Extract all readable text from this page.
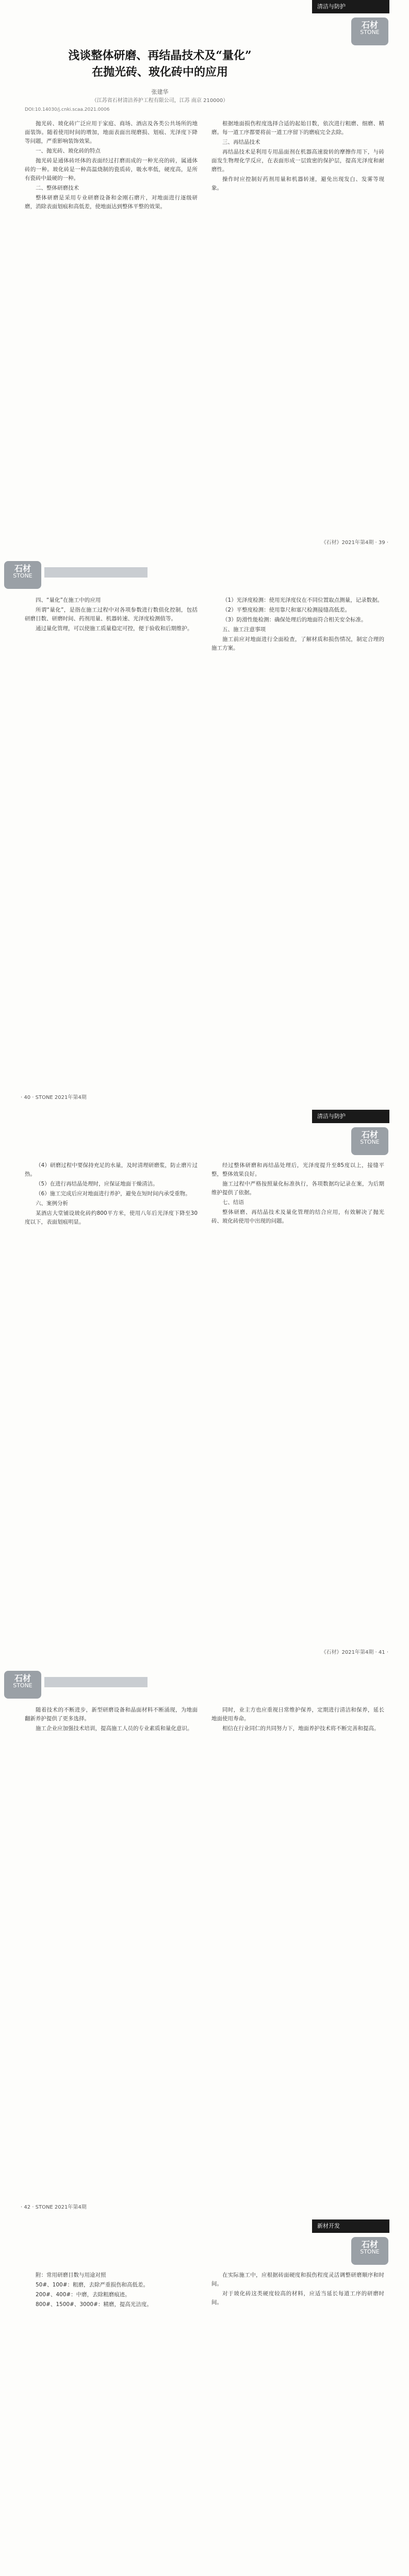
清洁与防护
石材
STONE
浅谈整体研磨、再结晶技术及“量化”
在抛光砖、玻化砖中的应用
张建华
（江苏省石材清洁养护工程有限公司，江苏 南京 210000）
DOI:10.14030/j.cnki.scaa.2021.0006

抛光砖、玻化砖广泛应用于家庭、商场、酒店及各类公共场所的地面装饰。随着使用时间的增加，地面表面出现磨损、划痕、光泽度下降等问题，严重影响装饰效果。

一、抛光砖、玻化砖的特点

抛光砖是通体砖坯体的表面经过打磨而成的一种光亮的砖，属通体砖的一种。玻化砖是一种高温烧制的瓷质砖，吸水率低，硬度高，是所有瓷砖中最硬的一种。

二、整体研磨技术

整体研磨是采用专业研磨设备和金刚石磨片，对地面进行逐级研磨，消除表面划痕和高低差，使地面达到整体平整的效果。

根据地面损伤程度选择合适的起始目数，依次进行粗磨、细磨、精磨。每一道工序都要将前一道工序留下的磨痕完全去除。

三、再结晶技术

再结晶技术是利用专用晶面剂在机器高速旋转的摩擦作用下，与砖面发生物理化学反应，在表面形成一层致密的保护层，提高光泽度和耐磨性。

操作时应控制好药剂用量和机器转速，避免出现发白、发雾等现象。

《石材》2021年第4期 · 39 ·
石材
STONE

四、“量化”在施工中的应用

所谓“量化”，是指在施工过程中对各项参数进行数值化控制，包括研磨目数、研磨时间、药剂用量、机器转速、光泽度检测值等。

通过量化管理，可以使施工质量稳定可控，便于验收和后期维护。

（1）光泽度检测：使用光泽度仪在不同位置取点测量，记录数据。

（2）平整度检测：使用靠尺和塞尺检测接缝高低差。

（3）防滑性能检测：确保处理后的地面符合相关安全标准。

五、施工注意事项

施工前应对地面进行全面检查，了解材质和损伤情况，制定合理的施工方案。

· 40 · STONE 2021年第4期
清洁与防护
石材
STONE

（4）研磨过程中要保持充足的水量，及时清理研磨浆，防止磨片过热。

（5）在进行再结晶处理时，应保证地面干燥清洁。

（6）施工完成后应对地面进行养护，避免在短时间内承受重物。

六、案例分析

某酒店大堂铺设玻化砖约800平方米，使用八年后光泽度下降至30度以下，表面划痕明显。

经过整体研磨和再结晶处理后，光泽度提升至85度以上，接缝平整，整体效果良好。

施工过程中严格按照量化标准执行，各项数据均记录在案，为后期维护提供了依据。

七、结语

整体研磨、再结晶技术及量化管理的结合应用，有效解决了抛光砖、玻化砖使用中出现的问题。

《石材》2021年第4期 · 41 ·
石材
STONE

随着技术的不断进步，新型研磨设备和晶面材料不断涌现，为地面翻新养护提供了更多选择。

施工企业应加强技术培训，提高施工人员的专业素质和量化意识。

同时，业主方也应重视日常维护保养，定期进行清洁和保养，延长地面使用寿命。

相信在行业同仁的共同努力下，地面养护技术将不断完善和提高。

· 42 · STONE 2021年第4期
新材开发
石材
STONE

附：常用研磨目数与用途对照

50#、100#：粗磨，去除严重损伤和高低差。

200#、400#：中磨，去除粗磨痕迹。

800#、1500#、3000#：精磨，提高光洁度。

在实际施工中，应根据砖面硬度和损伤程度灵活调整研磨顺序和时间。

对于玻化砖这类硬度较高的材料，应适当延长每道工序的研磨时间。
